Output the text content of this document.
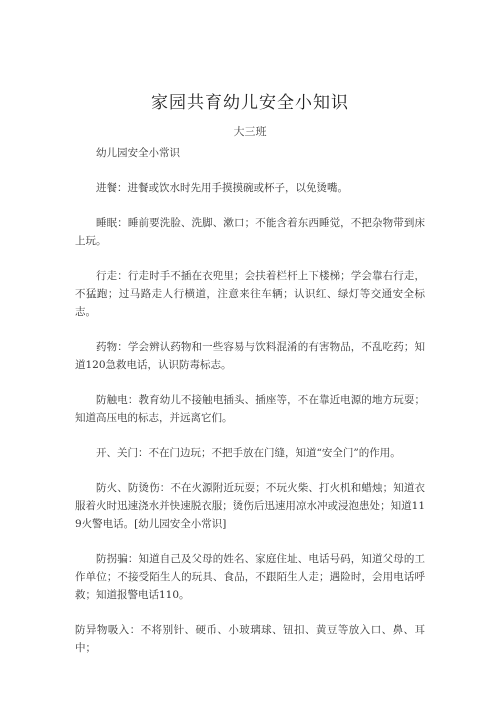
家园共育幼儿安全小知识
大三班

幼儿园安全小常识

进餐：进餐或饮水时先用手摸摸碗或杯子，以免烫嘴。

睡眠：睡前要洗脸、洗脚、漱口；不能含着东西睡觉，不把杂物带到床上玩。

行走：行走时手不插在衣兜里；会扶着栏杆上下楼梯；学会靠右行走，不猛跑；过马路走人行横道，注意来往车辆；认识红、绿灯等交通安全标志。

药物：学会辨认药物和一些容易与饮料混淆的有害物品，不乱吃药；知道120急救电话，认识防毒标志。

防触电：教育幼儿不接触电插头、插座等，不在靠近电源的地方玩耍；知道高压电的标志，并远离它们。

开、关门：不在门边玩；不把手放在门缝，知道“安全门”的作用。

防火、防烫伤：不在火源附近玩耍；不玩火柴、打火机和蜡烛；知道衣服着火时迅速浇水并快速脱衣服；烫伤后迅速用凉水冲或浸泡患处；知道119火警电话。[幼儿园安全小常识]

防拐骗：知道自己及父母的姓名、家庭住址、电话号码，知道父母的工作单位；不接受陌生人的玩具、食品，不跟陌生人走；遇险时，会用电话呼救；知道报警电话110。

防异物吸入：不将别针、硬币、小玻璃球、钮扣、黄豆等放入口、鼻、耳中；
